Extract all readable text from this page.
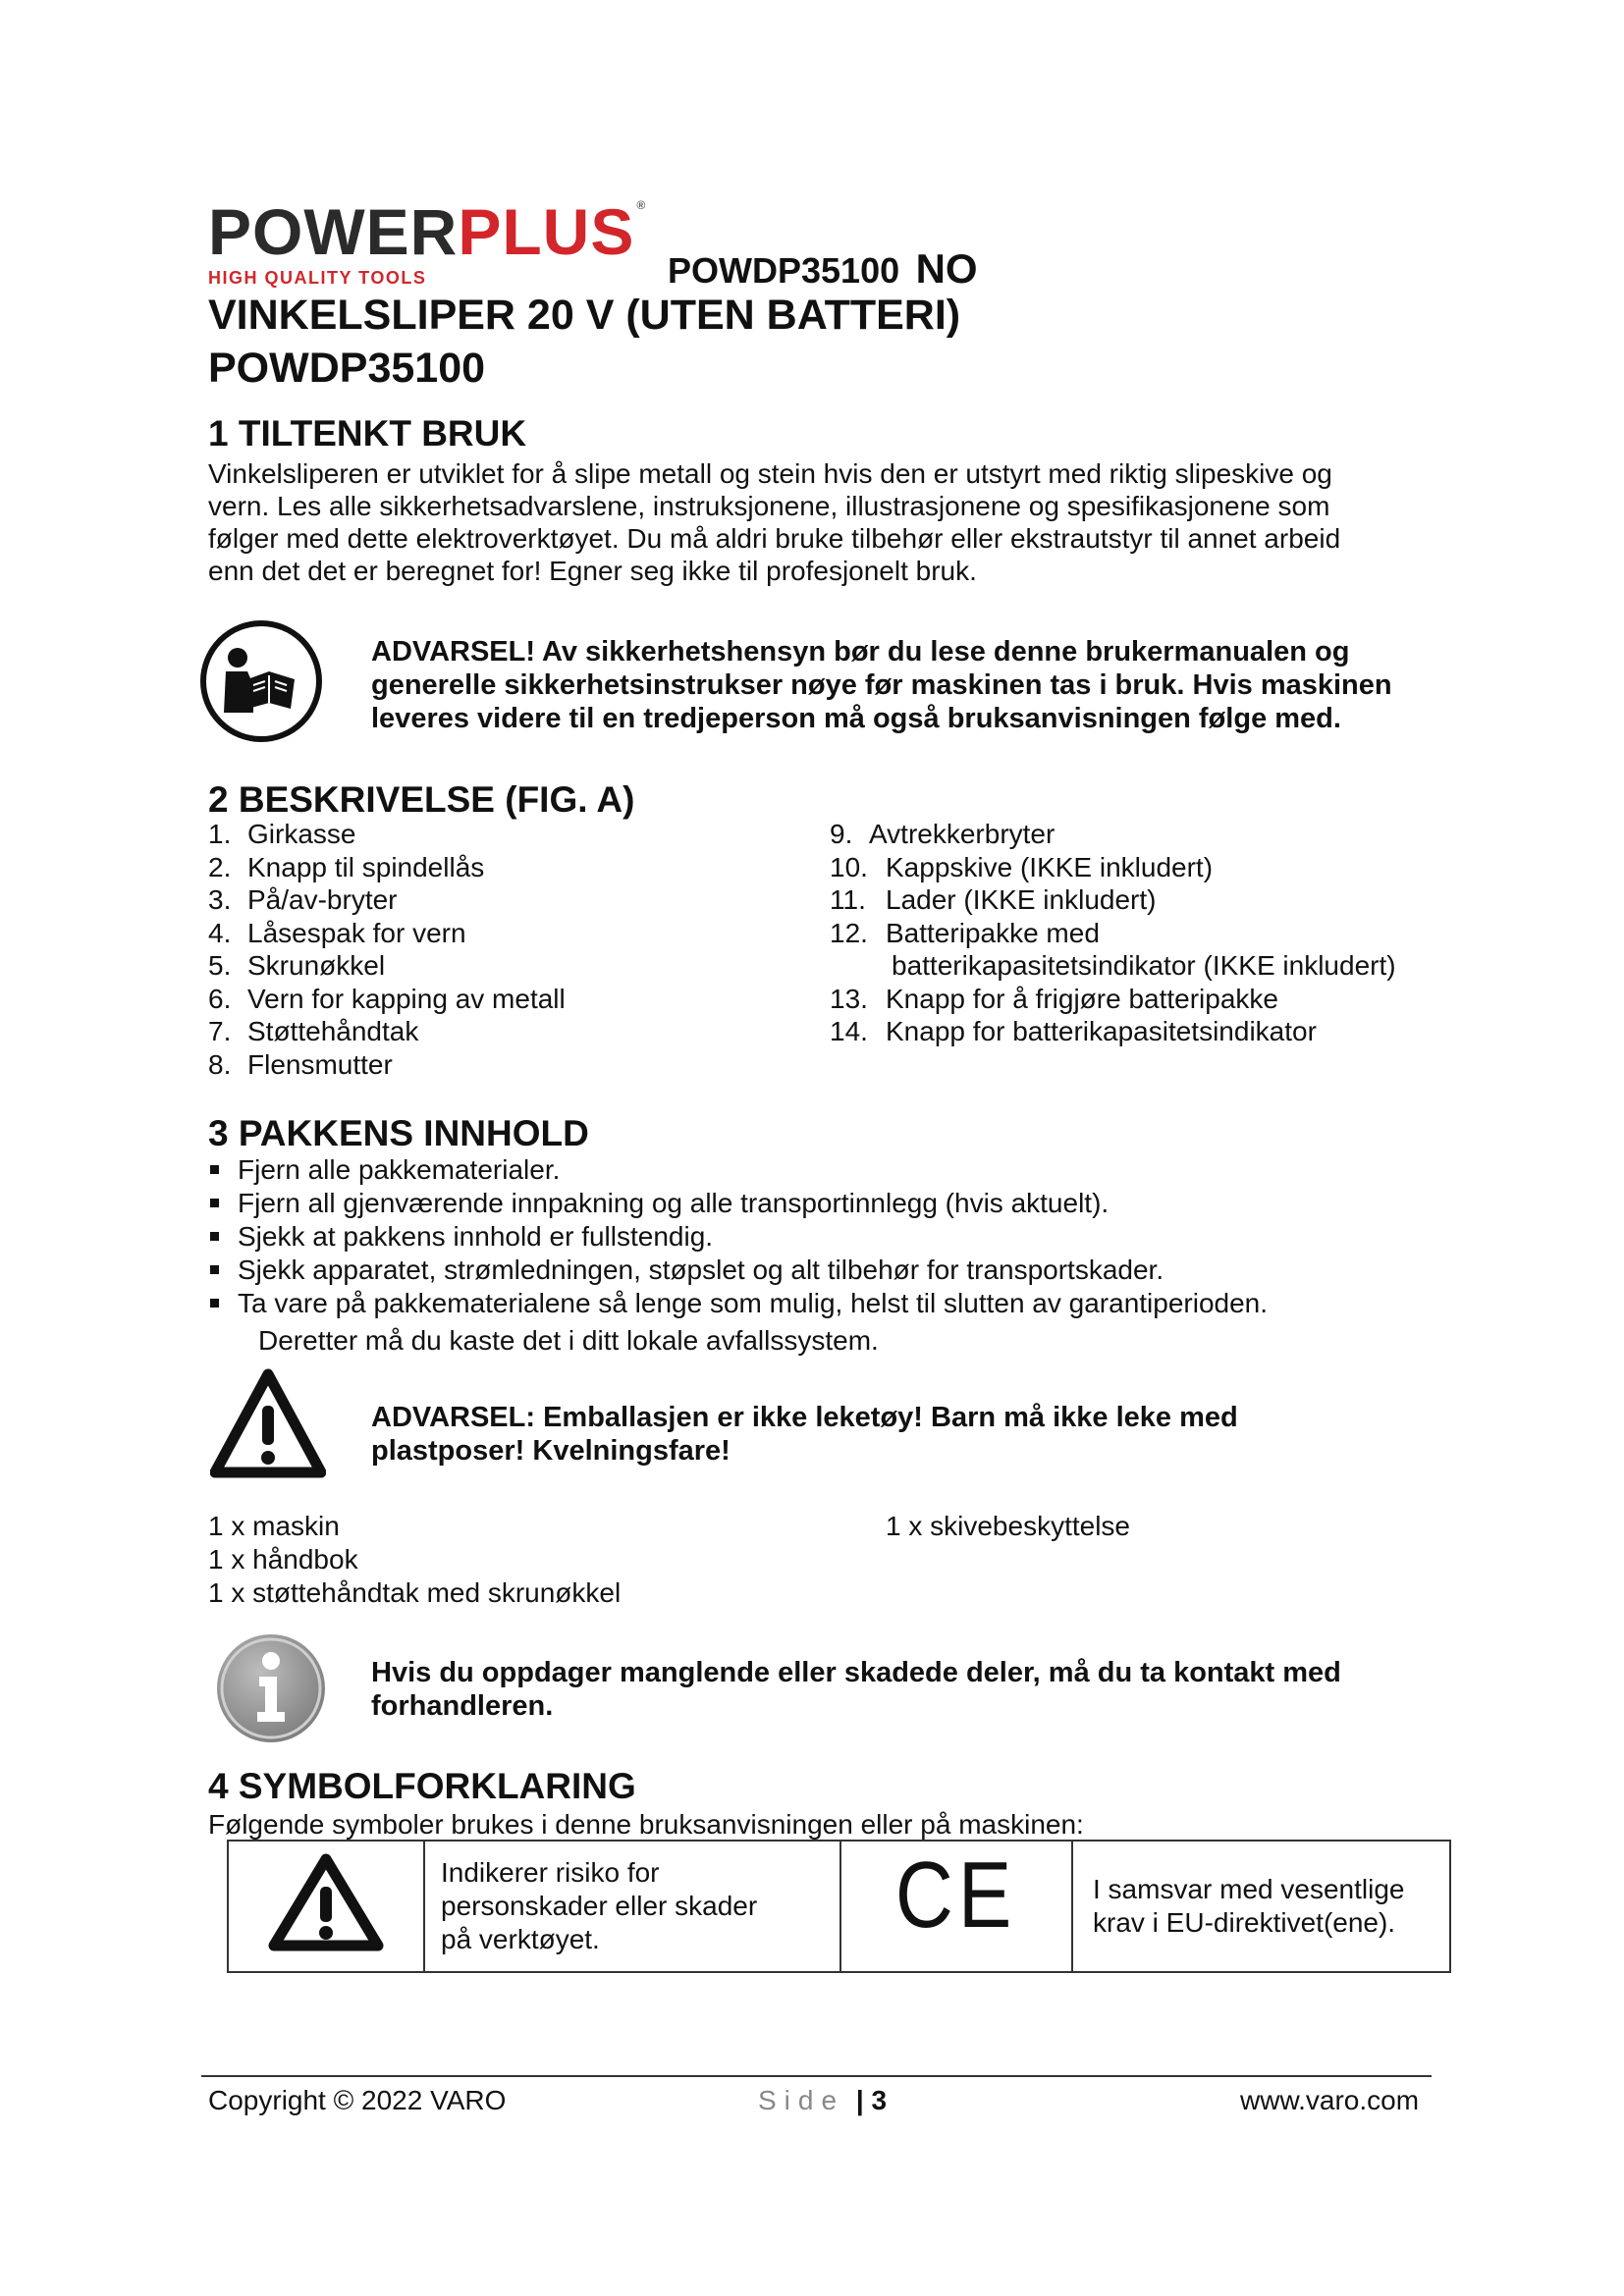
POWERPLUS ®
HIGH QUALITY TOOLS	POWDP35100 NO
VINKELSLIPER 20 V (UTEN BATTERI)
POWDP35100
1 TILTENKT BRUK
Vinkelsliperen er utviklet for å slipe metall og stein hvis den er utstyrt med riktig slipeskive og
vern. Les alle sikkerhetsadvarslene, instruksjonene, illustrasjonene og spesifikasjonene som
følger med dette elektroverktøyet. Du må aldri bruke tilbehør eller ekstrautstyr til annet arbeid
enn det det er beregnet for! Egner seg ikke til profesjonelt bruk.
ADVARSEL! Av sikkerhetshensyn bør du lese denne brukermanualen og
generelle sikkerhetsinstrukser nøye før maskinen tas i bruk. Hvis maskinen
leveres videre til en tredjeperson må også bruksanvisningen følge med.
2 BESKRIVELSE (FIG. A)
1. Girkasse
2. Knapp til spindellås
3. På/av-bryter
4. Låsespak for vern
5. Skrunøkkel
6. Vern for kapping av metall
7. Støttehåndtak
8. Flensmutter
9. Avtrekkerbryter
10. Kappskive (IKKE inkludert)
11. Lader (IKKE inkludert)
12. Batteripakke med
batterikapasitetsindikator (IKKE inkludert)
13. Knapp for å frigjøre batteripakke
14. Knapp for batterikapasitetsindikator
3 PAKKENS INNHOLD
Fjern alle pakkematerialer.
Fjern all gjenværende innpakning og alle transportinnlegg (hvis aktuelt).
Sjekk at pakkens innhold er fullstendig.
Sjekk apparatet, strømledningen, støpslet og alt tilbehør for transportskader.
Ta vare på pakkematerialene så lenge som mulig, helst til slutten av garantiperioden.
Deretter må du kaste det i ditt lokale avfallssystem.
ADVARSEL: Emballasjen er ikke leketøy! Barn må ikke leke med
plastposer! Kvelningsfare!
1 x maskin
1 x håndbok
1 x støttehåndtak med skrunøkkel
1 x skivebeskyttelse
Hvis du oppdager manglende eller skadede deler, må du ta kontakt med
forhandleren.
4 SYMBOLFORKLARING
Følgende symboler brukes i denne bruksanvisningen eller på maskinen:

Indikerer risiko for
personskader eller skader
på verktøyet.	CE	I samsvar med vesentlige
krav i EU-direktivet(ene).
Copyright © 2022 VARO	Side | 3	www.varo.com
